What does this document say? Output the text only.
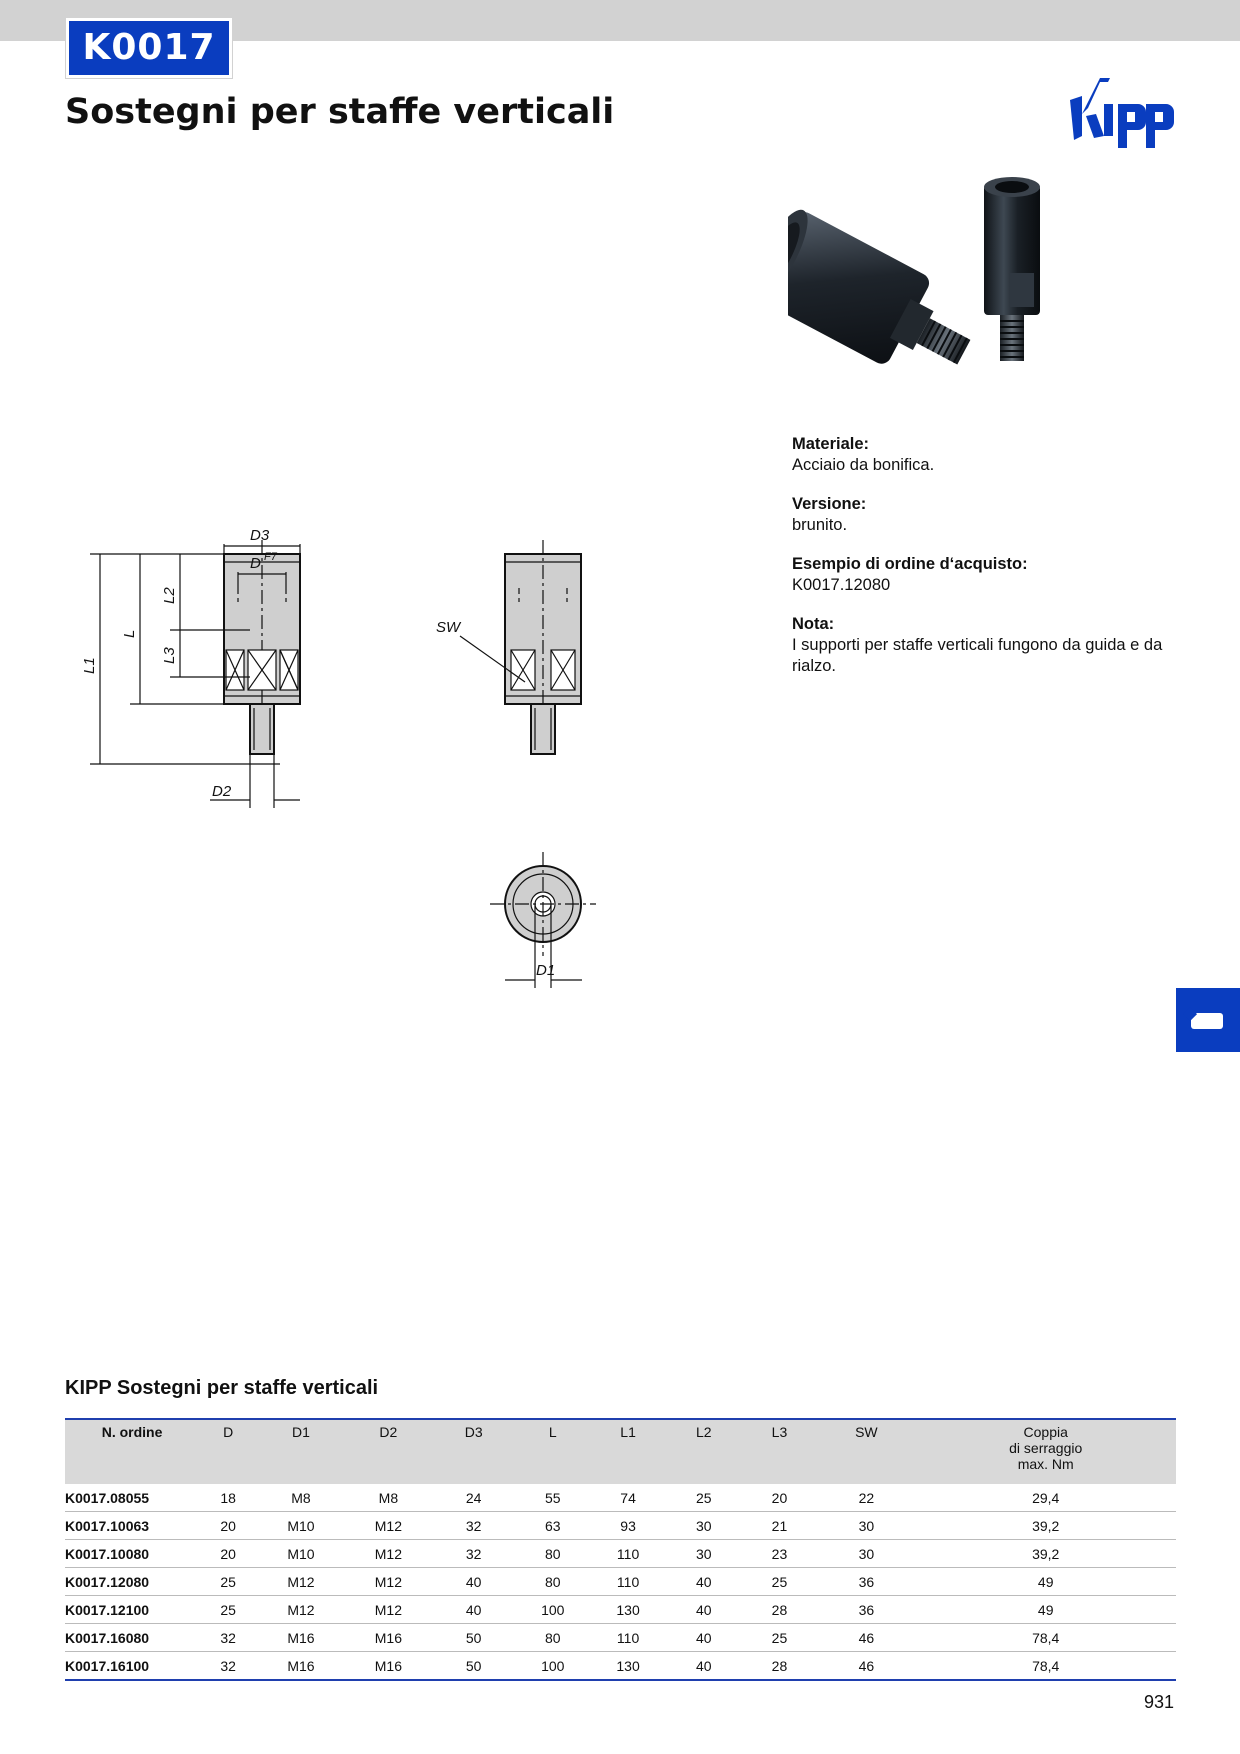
K0017
Sostegni per staffe verticali
D3
D F7
L1
L
L2
L3
D2
SW
D1
Materiale:
Acciaio da bonifica.
Versione:
brunito.
Esempio di ordine d‘acquisto:
K0017.12080
Nota:
I supporti per staffe verticali fungono da guida e da rialzo.
KIPP Sostegni per staffe verticali
N. ordine	D	D1	D2	D3	L	L1	L2	L3	SW	Coppia
di serraggio
max. Nm
K0017.08055	18	M8	M8	24	55	74	25	20	22	29,4
K0017.10063	20	M10	M12	32	63	93	30	21	30	39,2
K0017.10080	20	M10	M12	32	80	110	30	23	30	39,2
K0017.12080	25	M12	M12	40	80	110	40	25	36	49
K0017.12100	25	M12	M12	40	100	130	40	28	36	49
K0017.16080	32	M16	M16	50	80	110	40	25	46	78,4
K0017.16100	32	M16	M16	50	100	130	40	28	46	78,4
931
